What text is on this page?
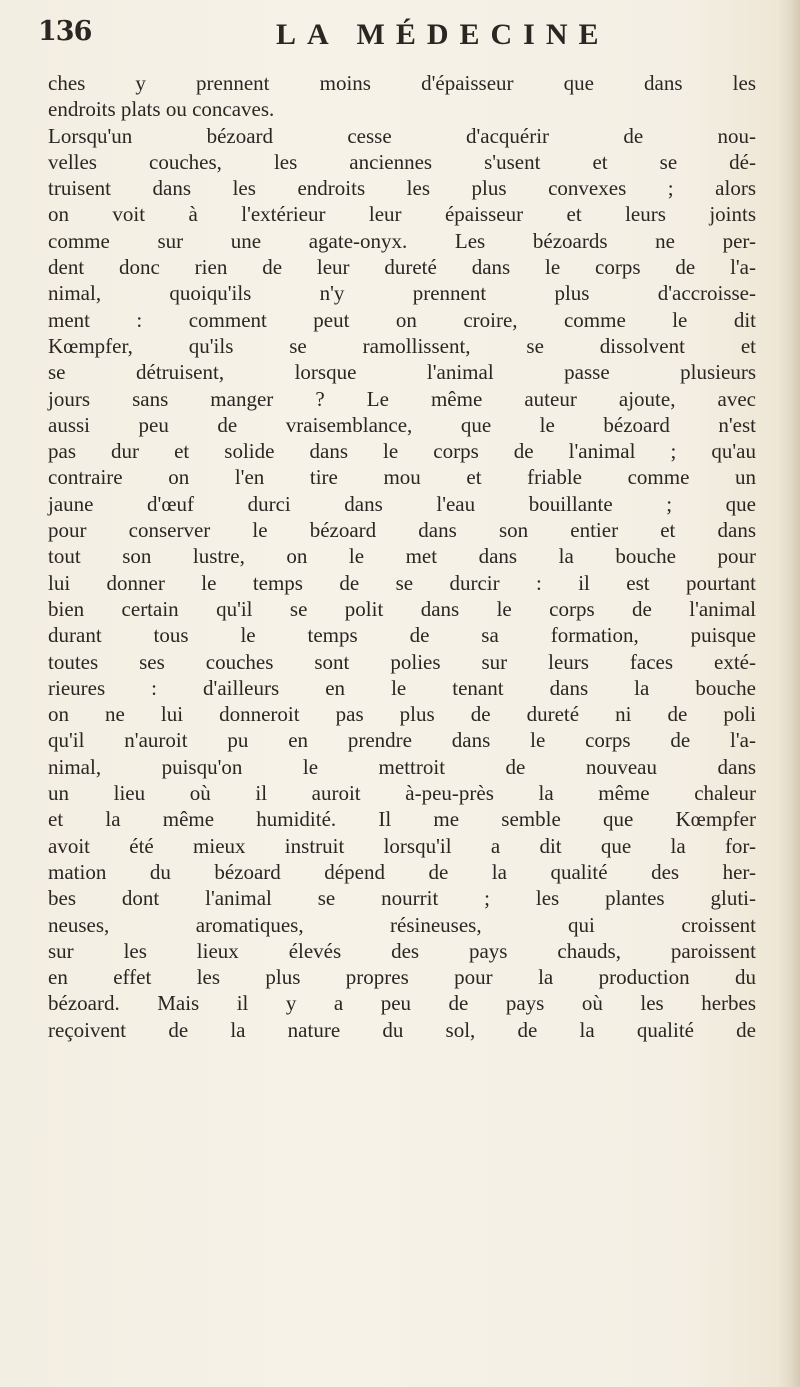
136	LA MÉDECINE
ches y prennent moins d'épaisseur que dans les
endroits plats ou concaves.
Lorsqu'un bézoard cesse d'acquérir de nou-
velles couches, les anciennes s'usent et se dé-
truisent dans les endroits les plus convexes ; alors
on voit à l'extérieur leur épaisseur et leurs joints
comme sur une agate-onyx. Les bézoards ne per-
dent donc rien de leur dureté dans le corps de l'a-
nimal, quoiqu'ils n'y prennent plus d'accroisse-
ment : comment peut on croire, comme le dit
Kœmpfer, qu'ils se ramollissent, se dissolvent et
se détruisent, lorsque l'animal passe plusieurs
jours sans manger ? Le même auteur ajoute, avec
aussi peu de vraisemblance, que le bézoard n'est
pas dur et solide dans le corps de l'animal ; qu'au
contraire on l'en tire mou et friable comme un
jaune d'œuf durci dans l'eau bouillante ; que
pour conserver le bézoard dans son entier et dans
tout son lustre, on le met dans la bouche pour
lui donner le temps de se durcir : il est pourtant
bien certain qu'il se polit dans le corps de l'animal
durant tous le temps de sa formation, puisque
toutes ses couches sont polies sur leurs faces exté-
rieures : d'ailleurs en le tenant dans la bouche
on ne lui donneroit pas plus de dureté ni de poli
qu'il n'auroit pu en prendre dans le corps de l'a-
nimal, puisqu'on le mettroit de nouveau dans
un lieu où il auroit à-peu-près la même chaleur
et la même humidité. Il me semble que Kœmpfer
avoit été mieux instruit lorsqu'il a dit que la for-
mation du bézoard dépend de la qualité des her-
bes dont l'animal se nourrit ; les plantes gluti-
neuses, aromatiques, résineuses, qui croissent
sur les lieux élevés des pays chauds, paroissent
en effet les plus propres pour la production du
bézoard. Mais il y a peu de pays où les herbes
reçoivent de la nature du sol, de la qualité de
